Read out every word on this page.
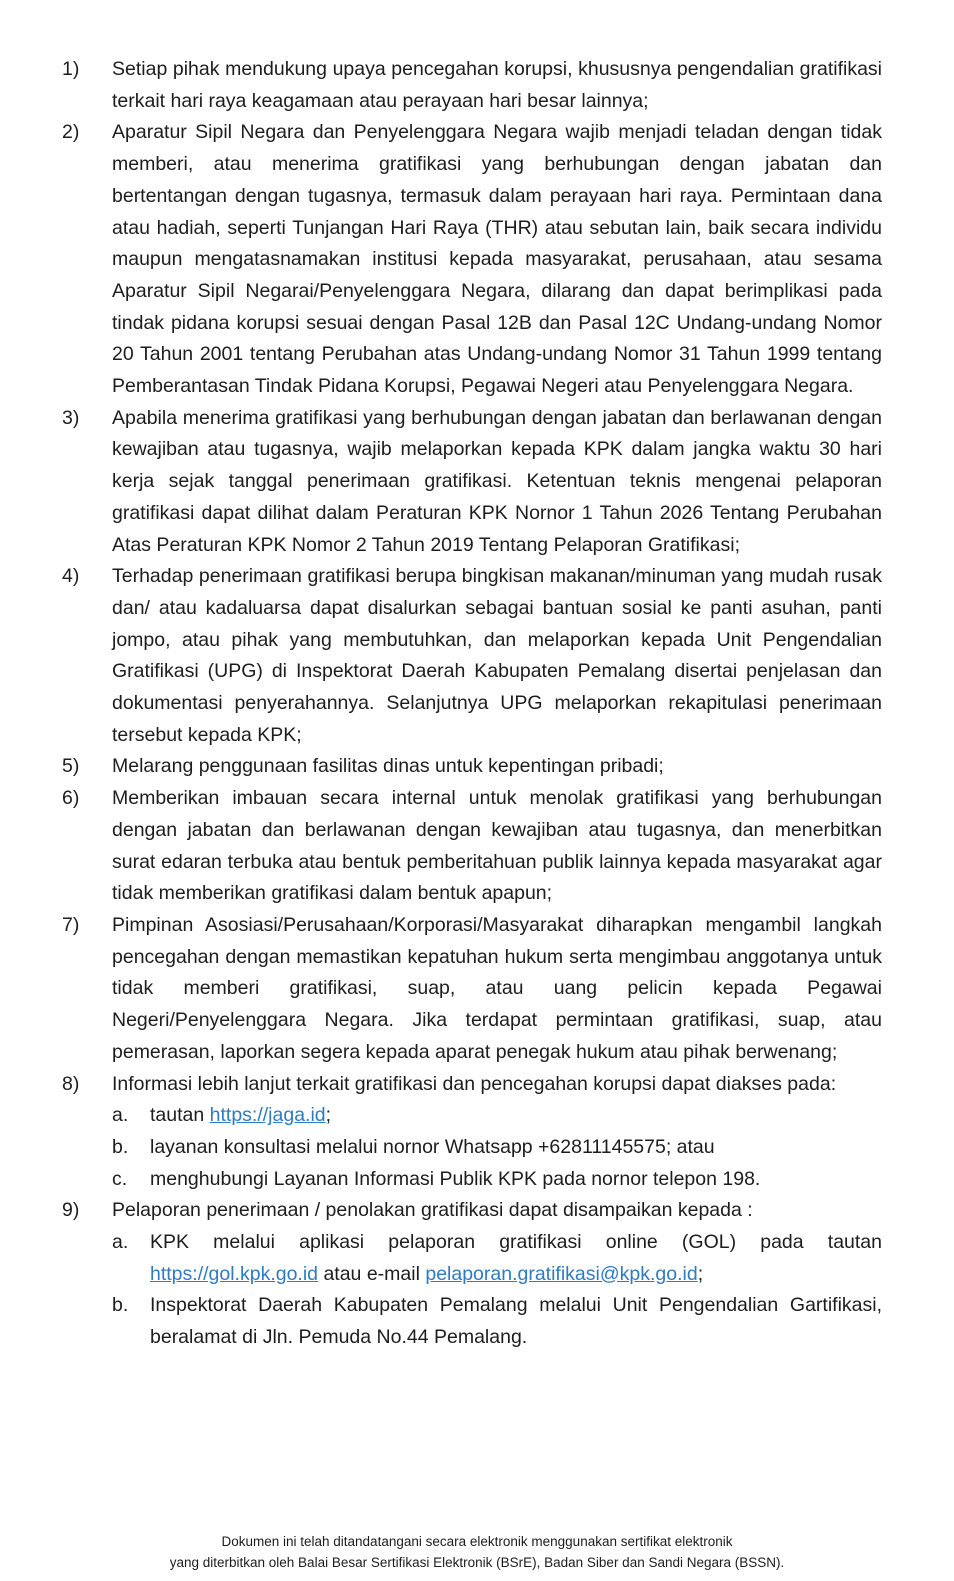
1)	Setiap pihak mendukung upaya pencegahan korupsi, khususnya pengendalian gratifikasi terkait hari raya keagamaan atau perayaan hari besar lainnya;

2)	Aparatur Sipil Negara dan Penyelenggara Negara wajib menjadi teladan dengan tidak memberi, atau menerima gratifikasi yang berhubungan dengan jabatan dan bertentangan dengan tugasnya, termasuk dalam perayaan hari raya. Permintaan dana atau hadiah, seperti Tunjangan Hari Raya (THR) atau sebutan lain, baik secara individu maupun mengatasnamakan institusi kepada masyarakat, perusahaan, atau sesama Aparatur Sipil Negarai/Penyelenggara Negara, dilarang dan dapat berimplikasi pada tindak pidana korupsi sesuai dengan Pasal 12B dan Pasal 12C Undang-undang Nomor 20 Tahun 2001 tentang Perubahan atas Undang-undang Nomor 31 Tahun 1999 tentang Pemberantasan Tindak Pidana Korupsi, Pegawai Negeri atau Penyelenggara Negara.

3)	Apabila menerima gratifikasi yang berhubungan dengan jabatan dan berlawanan dengan kewajiban atau tugasnya, wajib melaporkan kepada KPK dalam jangka waktu 30 hari kerja sejak tanggal penerimaan gratifikasi. Ketentuan teknis mengenai pelaporan gratifikasi dapat dilihat dalam Peraturan KPK Nornor 1 Tahun 2026 Tentang Perubahan Atas Peraturan KPK Nomor 2 Tahun 2019 Tentang Pelaporan Gratifikasi;

4)	Terhadap penerimaan gratifikasi berupa bingkisan makanan/minuman yang mudah rusak dan/ atau kadaluarsa dapat disalurkan sebagai bantuan sosial ke panti asuhan, panti jompo, atau pihak yang membutuhkan, dan melaporkan kepada Unit Pengendalian Gratifikasi (UPG) di Inspektorat Daerah Kabupaten Pemalang disertai penjelasan dan dokumentasi penyerahannya. Selanjutnya UPG melaporkan rekapitulasi penerimaan tersebut kepada KPK;

5)	Melarang penggunaan fasilitas dinas untuk kepentingan pribadi;

6)	Memberikan imbauan secara internal untuk menolak gratifikasi yang berhubungan dengan jabatan dan berlawanan dengan kewajiban atau tugasnya, dan menerbitkan surat edaran terbuka atau bentuk pemberitahuan publik lainnya kepada masyarakat agar tidak memberikan gratifikasi dalam bentuk apapun;

7)	Pimpinan Asosiasi/Perusahaan/Korporasi/Masyarakat diharapkan mengambil langkah pencegahan dengan memastikan kepatuhan hukum serta mengimbau anggotanya untuk tidak memberi gratifikasi, suap, atau uang pelicin kepada Pegawai Negeri/Penyelenggara Negara. Jika terdapat permintaan gratifikasi, suap, atau pemerasan, laporkan segera kepada aparat penegak hukum atau pihak berwenang;

8)	Informasi lebih lanjut terkait gratifikasi dan pencegahan korupsi dapat diakses pada:

a.	tautan https://jaga.id;

b.	layanan konsultasi melalui nornor Whatsapp +62811145575; atau

c.	menghubungi Layanan Informasi Publik KPK pada nornor telepon 198.

9)	Pelaporan penerimaan / penolakan gratifikasi dapat disampaikan kepada :

a.	KPK melalui aplikasi pelaporan gratifikasi online (GOL) pada tautan https://gol.kpk.go.id atau e-mail pelaporan.gratifikasi@kpk.go.id;

b.	Inspektorat Daerah Kabupaten Pemalang melalui Unit Pengendalian Gartifikasi, beralamat di Jln. Pemuda No.44 Pemalang.

Dokumen ini telah ditandatangani secara elektronik menggunakan sertifikat elektronik
yang diterbitkan oleh Balai Besar Sertifikasi Elektronik (BSrE), Badan Siber dan Sandi Negara (BSSN).
